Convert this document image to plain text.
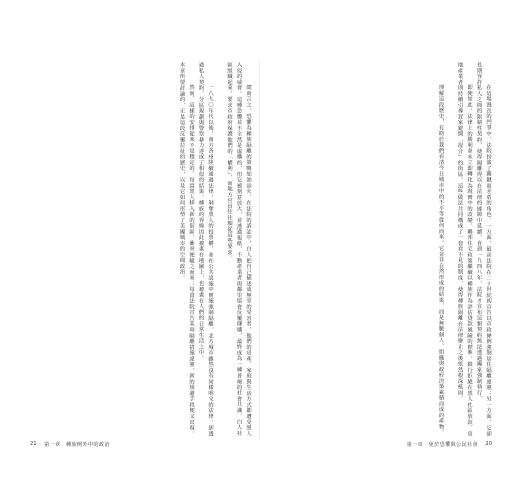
　　總而言之，恐懼為種族隔離的策略加油添火。在法院的訴訟中，白人把自己描述成無辜的受害者，他們的房產、家庭與生活方式都遭受黑人入侵的威脅。這種恐懼並不全然是虛構的，但它被刻意放大，並透過報紙、不動產業者與鄰里協會反覆傳播，最終成為一種普遍的社會共識。白人社區組織起來，要求市政府保護他們的「權利」，而地方官員往往順從這些要求。

　　一八九〇年代以後，南方各州陸續通過法律，剝奪黑人的投票權，並在公共設施中實施強制隔離。北方城市雖然沒有同樣明文的法律，卻透過私人契約、分區規劃與警察暴力達成了相似的結果。種族的界線因此被畫在地圖上，也被畫在人們的日常生活之中。

　　然而，這樣的安排從來不是穩定的。每當黑人移入新的街區，衝突便隨之而來；每當法院宣告某項隔離措施違憲，新的規避手段便又出現。本章所要討論的，正是這段反覆拉扯的歷史，以及它如何形塑了美國城市的空間政治。	　　在這場漫長的鬥爭中，法院扮演了關鍵而矛盾的角色。一方面，最高法院在二十世紀初宣告以市政條例強制居住隔離違憲；另一方面，它卻長期容許私人之間的限制性契約，使得隔離得以在法律的縫隙中延續。直到一九四八年，法院才宣布這類契約無法透過國家強制執行。

　　即便如此，法律上的勝利並未立即轉化為現實中的改變。聯邦住宅政策繼續以種族作為評估貸款風險的標準，銀行拒絕在黑人社區放款，房地產業者則持續引導買家避開「混合」的街區。這些做法共同構成了一套看不見的制度，使得種族隔離在法律廢止之後依然根深柢固。

　　理解這段歷史，有助於我們看清今日城市中的不平等從何而來。它並非自然形成的結果，而是無數個人、組織與政府決策累積而成的產物。

21 第一章　種族例外中的政治	第一章　免於恐懼與公民社會 20
